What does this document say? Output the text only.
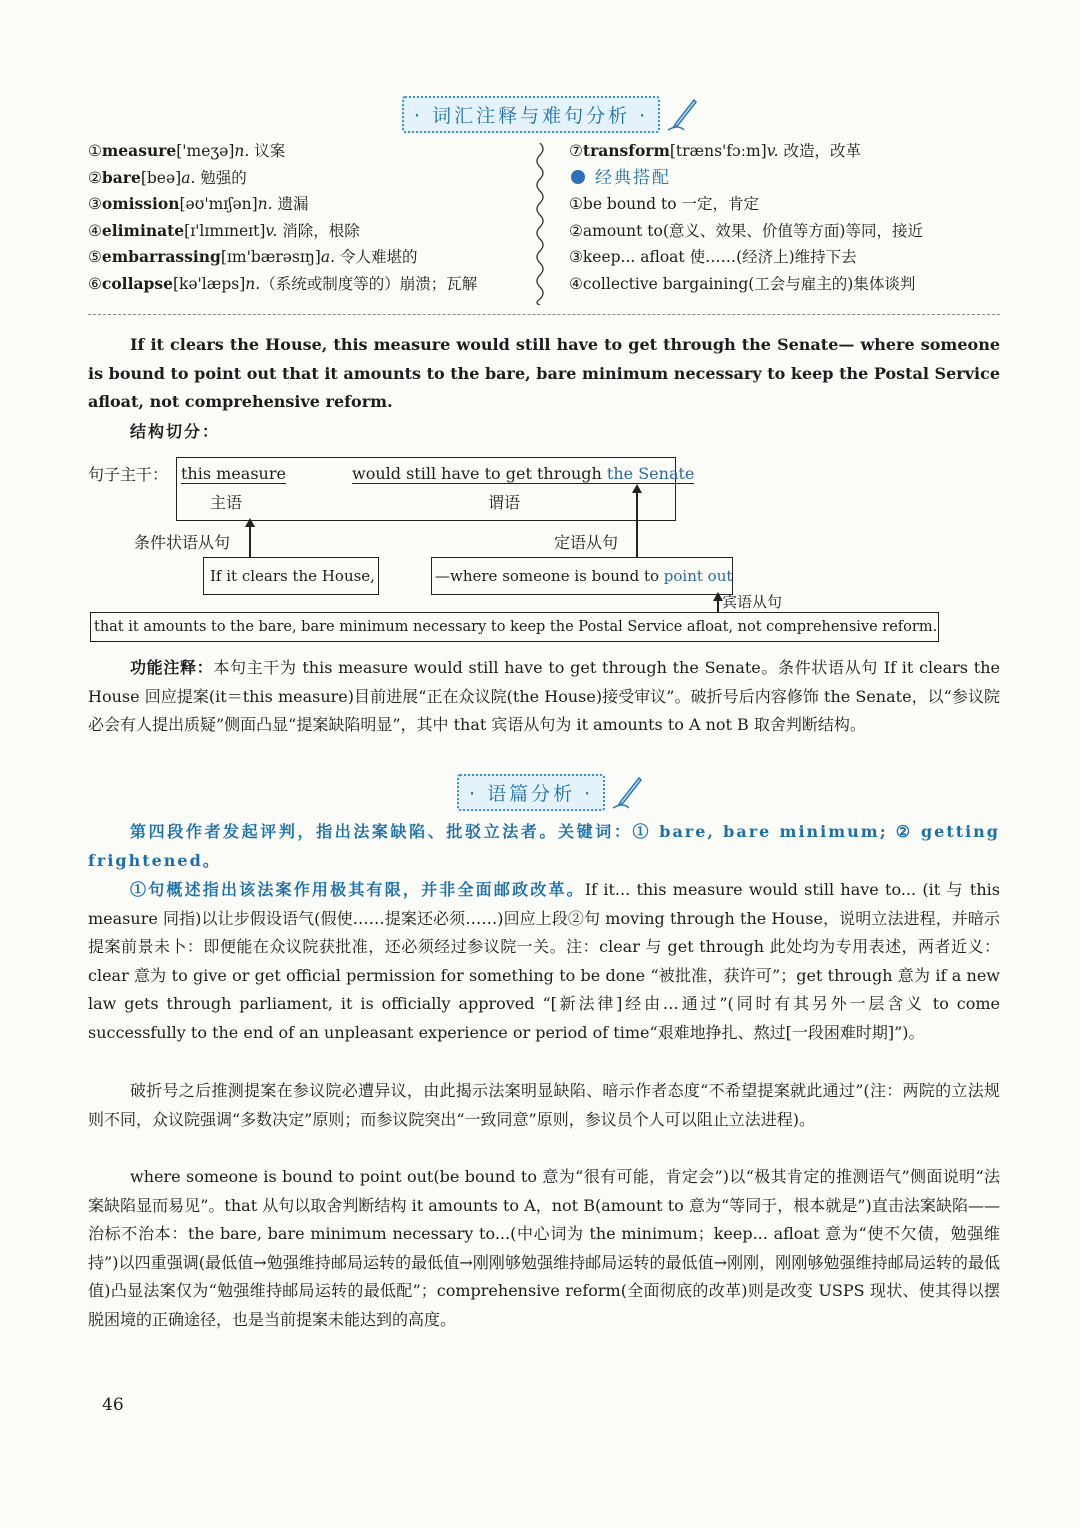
· 词汇注释与难句分析 ·
①measure['meʒə]n. 议案
②bare[beə]a. 勉强的
③omission[əʊ'mɪʃən]n. 遗漏
④eliminate[ɪ'lɪmɪneɪt]v. 消除，根除
⑤embarrassing[ɪm'bærəsɪŋ]a. 令人难堪的
⑥collapse[kə'læps]n.（系统或制度等的）崩溃；瓦解
⑦transform[træns'fɔːm]v. 改造，改革
经典搭配
①be bound to 一定，肯定
②amount to(意义、效果、价值等方面)等同，接近
③keep... afloat 使……(经济上)维持下去
④collective bargaining(工会与雇主的)集体谈判
If it clears the House, this measure would still have to get through the Senate— where someone is bound to point out that it amounts to the bare, bare minimum necessary to keep the Postal Service afloat, not comprehensive reform.
结构切分：
句子主干： this measure	would still have to get through the Senate
主语	谓语
条件状语从句	定语从句
If it clears the House,	—where someone is bound to point out
宾语从句
that it amounts to the bare, bare minimum necessary to keep the Postal Service afloat, not comprehensive reform.
功能注释：本句主干为 this measure would still have to get through the Senate。条件状语从句 If it clears the House 回应提案(it＝this measure)目前进展“正在众议院(the House)接受审议”。破折号后内容修饰 the Senate，以“参议院必会有人提出质疑”侧面凸显“提案缺陷明显”，其中 that 宾语从句为 it amounts to A not B 取舍判断结构。
· 语篇分析 ·
第四段作者发起评判，指出法案缺陷、批驳立法者。关键词：① bare, bare minimum; ② getting frightened。
①句概述指出该法案作用极其有限，并非全面邮政改革。If it... this measure would still have to... (it 与 this measure 同指)以让步假设语气(假使……提案还必须……)回应上段②句 moving through the House，说明立法进程，并暗示提案前景未卜：即便能在众议院获批准，还必须经过参议院一关。注：clear 与 get through 此处均为专用表述，两者近义：clear 意为 to give or get official permission for something to be done “被批准，获许可”；get through 意为 if a new law gets through parliament, it is officially approved “[新法律]经由…通过”(同时有其另外一层含义 to come successfully to the end of an unpleasant experience or period of time“艰难地挣扎、熬过[一段困难时期]”)。
破折号之后推测提案在参议院必遭异议，由此揭示法案明显缺陷、暗示作者态度“不希望提案就此通过”(注：两院的立法规则不同，众议院强调“多数决定”原则；而参议院突出“一致同意”原则，参议员个人可以阻止立法进程)。
where someone is bound to point out(be bound to 意为“很有可能，肯定会”)以“极其肯定的推测语气”侧面说明“法案缺陷显而易见”。that 从句以取舍判断结构 it amounts to A，not B(amount to 意为“等同于，根本就是”)直击法案缺陷——治标不治本：the bare, bare minimum necessary to...(中心词为 the minimum；keep... afloat 意为“使不欠债，勉强维持”)以四重强调(最低值→勉强维持邮局运转的最低值→刚刚够勉强维持邮局运转的最低值→刚刚，刚刚够勉强维持邮局运转的最低值)凸显法案仅为“勉强维持邮局运转的最低配”；comprehensive reform(全面彻底的改革)则是改变 USPS 现状、使其得以摆脱困境的正确途径，也是当前提案未能达到的高度。
46
